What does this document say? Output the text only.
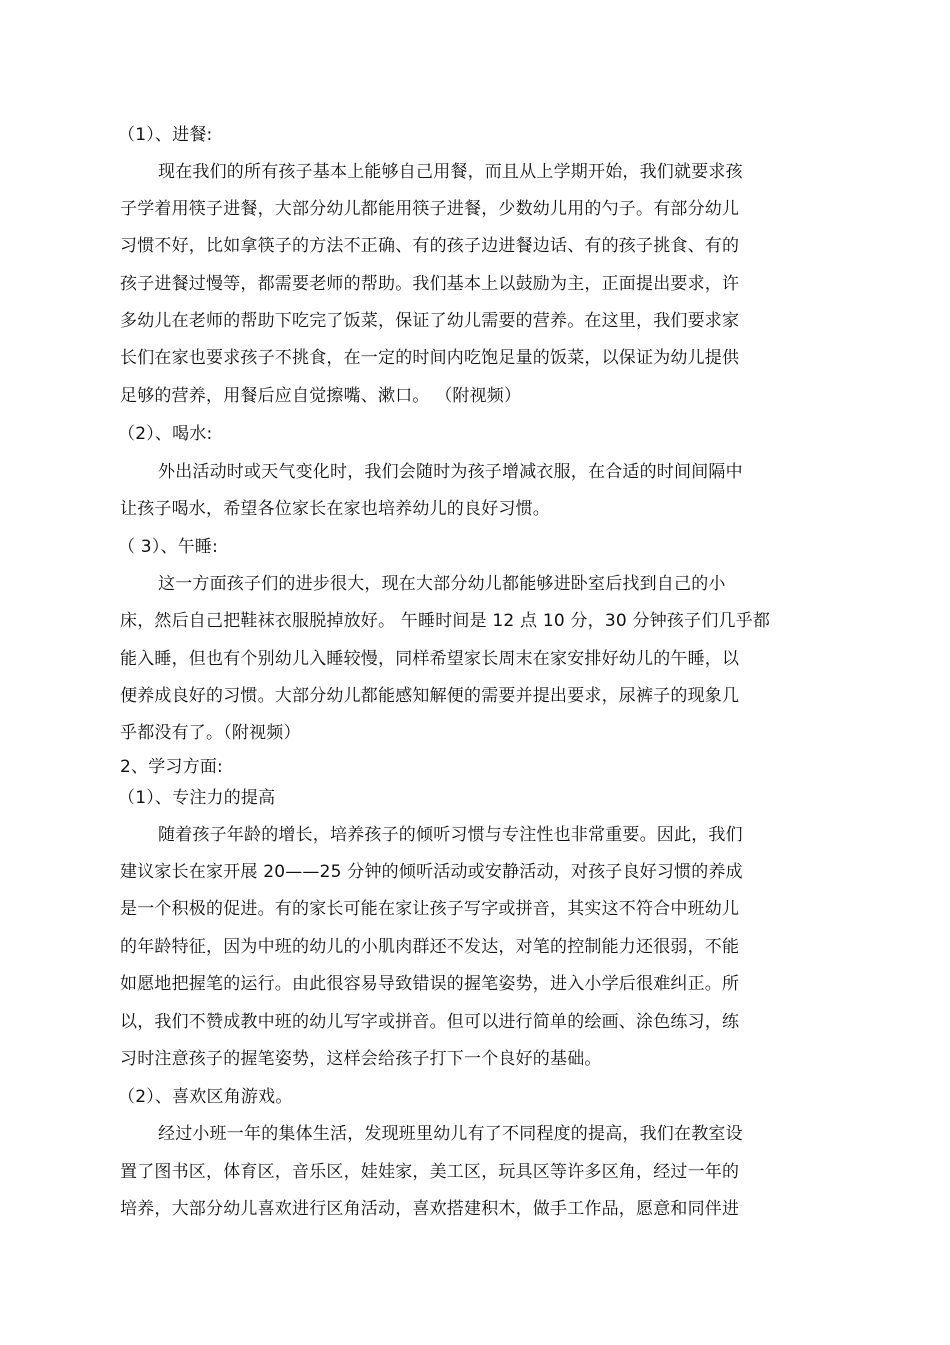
（1）、进餐:
现在我们的所有孩子基本上能够自己用餐，而且从上学期开始，我们就要求孩
子学着用筷子进餐，大部分幼儿都能用筷子进餐，少数幼儿用的勺子。有部分幼儿
习惯不好，比如拿筷子的方法不正确、有的孩子边进餐边话、有的孩子挑食、有的
孩子进餐过慢等，都需要老师的帮助。我们基本上以鼓励为主，正面提出要求，许
多幼儿在老师的帮助下吃完了饭菜，保证了幼儿需要的营养。在这里，我们要求家
长们在家也要求孩子不挑食，在一定的时间内吃饱足量的饭菜，以保证为幼儿提供
足够的营养，用餐后应自觉擦嘴、漱口。 （附视频）
（2）、喝水:
外出活动时或天气变化时，我们会随时为孩子增减衣服，在合适的时间间隔中
让孩子喝水，希望各位家长在家也培养幼儿的良好习惯。
（ 3）、午睡:
这一方面孩子们的进步很大，现在大部分幼儿都能够进卧室后找到自己的小
床，然后自己把鞋袜衣服脱掉放好。 午睡时间是 12 点 10 分，30 分钟孩子们几乎都
能入睡，但也有个别幼儿入睡较慢，同样希望家长周末在家安排好幼儿的午睡，以
便养成良好的习惯。大部分幼儿都能感知解便的需要并提出要求，尿裤子的现象几
乎都没有了。（附视频）
2、学习方面:
（1）、专注力的提高
随着孩子年龄的增长，培养孩子的倾听习惯与专注性也非常重要。因此，我们
建议家长在家开展 20——25 分钟的倾听活动或安静活动，对孩子良好习惯的养成
是一个积极的促进。有的家长可能在家让孩子写字或拼音，其实这不符合中班幼儿
的年龄特征，因为中班的幼儿的小肌肉群还不发达，对笔的控制能力还很弱，不能
如愿地把握笔的运行。由此很容易导致错误的握笔姿势，进入小学后很难纠正。所
以，我们不赞成教中班的幼儿写字或拼音。但可以进行简单的绘画、涂色练习，练
习时注意孩子的握笔姿势，这样会给孩子打下一个良好的基础。
（2）、喜欢区角游戏。
经过小班一年的集体生活，发现班里幼儿有了不同程度的提高，我们在教室设
置了图书区，体育区，音乐区，娃娃家，美工区，玩具区等许多区角，经过一年的
培养，大部分幼儿喜欢进行区角活动，喜欢搭建积木，做手工作品，愿意和同伴进
